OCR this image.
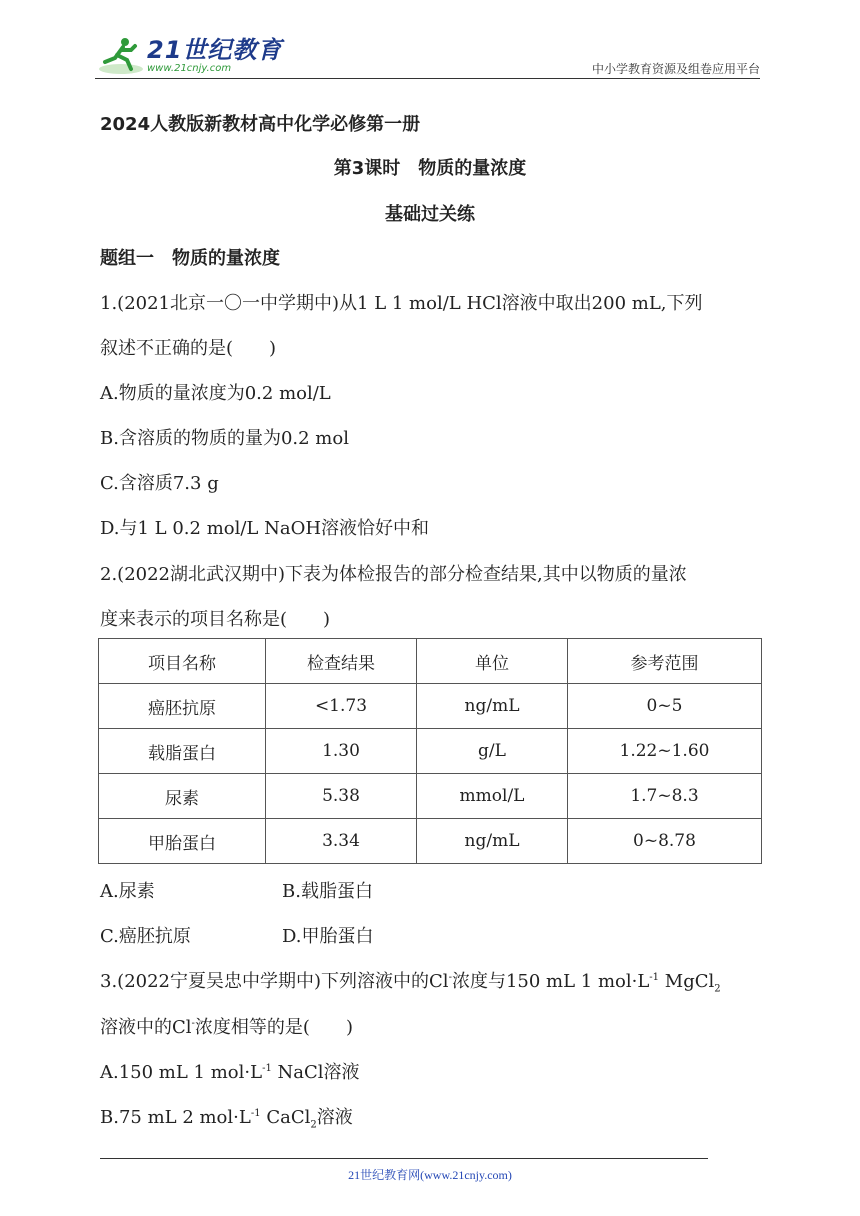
21世纪教育
www.21cnjy.com	中小学教育资源及组卷应用平台
2024人教版新教材高中化学必修第一册
第3课时　物质的量浓度
基础过关练
题组一　物质的量浓度
1.(2021北京一〇一中学期中)从1 L 1 mol/L HCl溶液中取出200 mL,下列
叙述不正确的是(　　)
A.物质的量浓度为0.2 mol/L
B.含溶质的物质的量为0.2 mol
C.含溶质7.3 g
D.与1 L 0.2 mol/L NaOH溶液恰好中和
2.(2022湖北武汉期中)下表为体检报告的部分检查结果,其中以物质的量浓
度来表示的项目名称是(　　)
项目名称	检查结果	单位	参考范围
癌胚抗原	<1.73	ng/mL	0~5
载脂蛋白	1.30	g/L	1.22~1.60
尿素	5.38	mmol/L	1.7~8.3
甲胎蛋白	3.34	ng/mL	0~8.78
A.尿素	B.载脂蛋白
C.癌胚抗原	D.甲胎蛋白
3.(2022宁夏吴忠中学期中)下列溶液中的Cl-浓度与150 mL 1 $mol\cdot L^{-1}$ MgCl$_2$
溶液中的Cl-浓度相等的是(　　)
A.150 mL 1 $mol\cdot L^{-1}$ NaCl溶液
B.75 mL 2 $mol\cdot L^{-1}$ CaCl$_2$溶液
21世纪教育网(www.21cnjy.com)
